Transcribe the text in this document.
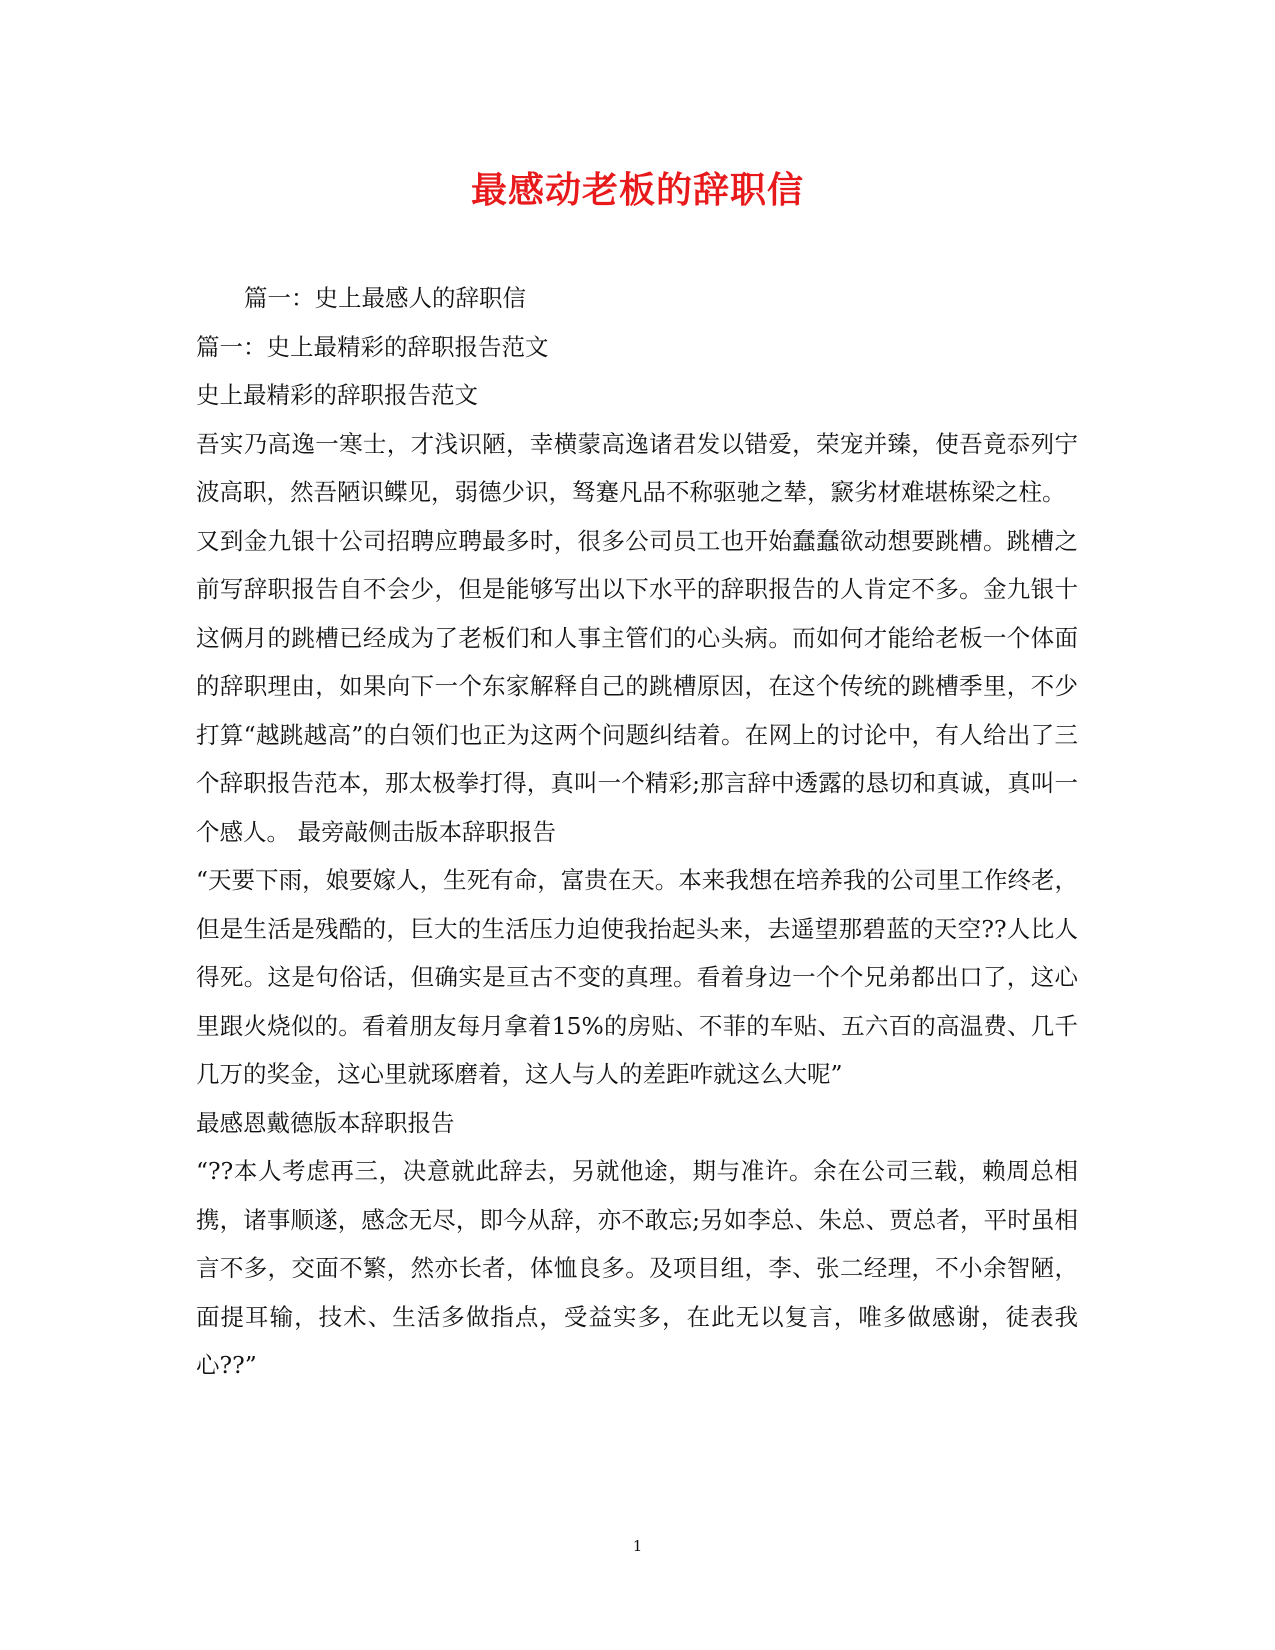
最感动老板的辞职信

篇一：史上最感人的辞职信

篇一：史上最精彩的辞职报告范文

史上最精彩的辞职报告范文

吾实乃高逸一寒士，才浅识陋，幸横蒙高逸诸君发以错爱，荣宠并臻，使吾竟忝列宁波高职，然吾陋识鲽见，弱德少识，驽蹇凡品不称驱驰之辇，窾劣材难堪栋梁之柱。

又到金九银十公司招聘应聘最多时，很多公司员工也开始蠢蠢欲动想要跳槽。跳槽之前写辞职报告自不会少，但是能够写出以下水平的辞职报告的人肯定不多。金九银十这俩月的跳槽已经成为了老板们和人事主管们的心头病。而如何才能给老板一个体面的辞职理由，如果向下一个东家解释自己的跳槽原因，在这个传统的跳槽季里，不少打算“越跳越高”的白领们也正为这两个问题纠结着。在网上的讨论中，有人给出了三个辞职报告范本，那太极拳打得，真叫一个精彩;那言辞中透露的恳切和真诚，真叫一个感人。 最旁敲侧击版本辞职报告

“天要下雨，娘要嫁人，生死有命，富贵在天。本来我想在培养我的公司里工作终老，但是生活是残酷的，巨大的生活压力迫使我抬起头来，去遥望那碧蓝的天空??人比人得死。这是句俗话，但确实是亘古不变的真理。看着身边一个个兄弟都出口了，这心里跟火烧似的。看着朋友每月拿着15%的房贴、不菲的车贴、五六百的高温费、几千几万的奖金，这心里就琢磨着，这人与人的差距咋就这么大呢”

最感恩戴德版本辞职报告

“??本人考虑再三，决意就此辞去，另就他途，期与准许。余在公司三载，赖周总相携，诸事顺遂，感念无尽，即今从辞，亦不敢忘;另如李总、朱总、贾总者，平时虽相言不多，交面不繁，然亦长者，体恤良多。及项目组，李、张二经理，不小余智陋，面提耳输，技术、生活多做指点，受益实多，在此无以复言，唯多做感谢，徒表我心??”

1
